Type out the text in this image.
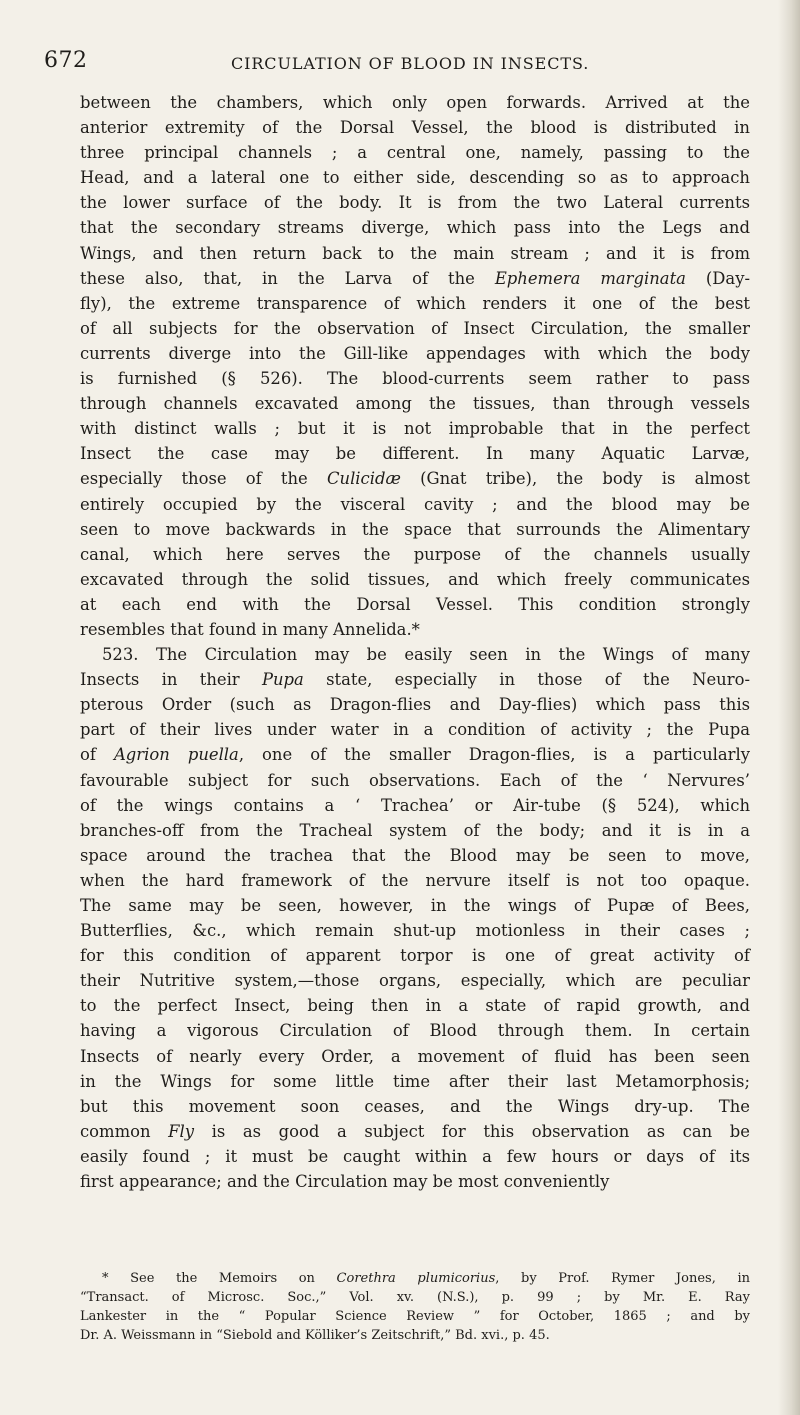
672	CIRCULATION OF BLOOD IN INSECTS.
between the chambers, which only open forwards. Arrived at the
anterior extremity of the Dorsal Vessel, the blood is distributed in
three principal channels ; a central one, namely, passing to the
Head, and a lateral one to either side, descending so as to approach
the lower surface of the body. It is from the two Lateral currents
that the secondary streams diverge, which pass into the Legs and
Wings, and then return back to the main stream ; and it is from
these also, that, in the Larva of the Ephemera marginata (Day-
fly), the extreme transparence of which renders it one of the best
of all subjects for the observation of Insect Circulation, the smaller
currents diverge into the Gill-like appendages with which the body
is furnished (§ 526). The blood-currents seem rather to pass
through channels excavated among the tissues, than through vessels
with distinct walls ; but it is not improbable that in the perfect
Insect the case may be different. In many Aquatic Larvæ,
especially those of the Culicidæ (Gnat tribe), the body is almost
entirely occupied by the visceral cavity ; and the blood may be
seen to move backwards in the space that surrounds the Alimentary
canal, which here serves the purpose of the channels usually
excavated through the solid tissues, and which freely communicates
at each end with the Dorsal Vessel. This condition strongly
resembles that found in many Annelida.*
523. The Circulation may be easily seen in the Wings of many
Insects in their Pupa state, especially in those of the Neuro-
pterous Order (such as Dragon-flies and Day-flies) which pass this
part of their lives under water in a condition of activity ; the Pupa
of Agrion puella, one of the smaller Dragon-flies, is a particularly
favourable subject for such observations. Each of the ‘ Nervures’
of the wings contains a ‘ Trachea’ or Air-tube (§ 524), which
branches-off from the Tracheal system of the body; and it is in a
space around the trachea that the Blood may be seen to move,
when the hard framework of the nervure itself is not too opaque.
The same may be seen, however, in the wings of Pupæ of Bees,
Butterflies, &c., which remain shut-up motionless in their cases ;
for this condition of apparent torpor is one of great activity of
their Nutritive system,—those organs, especially, which are peculiar
to the perfect Insect, being then in a state of rapid growth, and
having a vigorous Circulation of Blood through them. In certain
Insects of nearly every Order, a movement of fluid has been seen
in the Wings for some little time after their last Metamorphosis;
but this movement soon ceases, and the Wings dry-up. The
common Fly is as good a subject for this observation as can be
easily found ; it must be caught within a few hours or days of its
first appearance; and the Circulation may be most conveniently
* See the Memoirs on Corethra plumicorius, by Prof. Rymer Jones, in
“Transact. of Microsc. Soc.,” Vol. xv. (N.S.), p. 99 ; by Mr. E. Ray
Lankester in the “ Popular Science Review ” for October, 1865 ; and by
Dr. A. Weissmann in “Siebold and Kölliker’s Zeitschrift,” Bd. xvi., p. 45.
